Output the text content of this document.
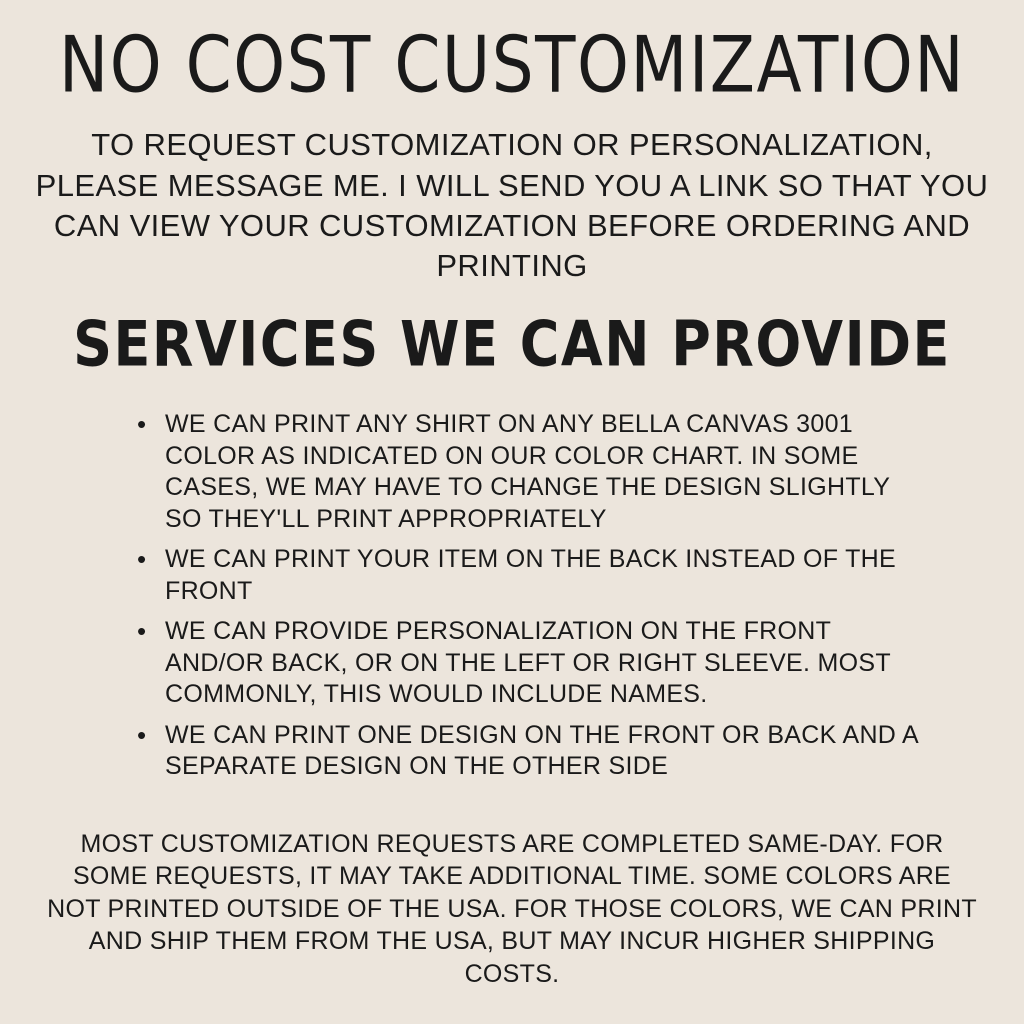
NO COST CUSTOMIZATION

TO REQUEST CUSTOMIZATION OR PERSONALIZATION, PLEASE MESSAGE ME. I WILL SEND YOU A LINK SO THAT YOU CAN VIEW YOUR CUSTOMIZATION BEFORE ORDERING AND PRINTING

SERVICES WE CAN PROVIDE
• WE CAN PRINT ANY SHIRT ON ANY BELLA CANVAS 3001 COLOR AS INDICATED ON OUR COLOR CHART. IN SOME CASES, WE MAY HAVE TO CHANGE THE DESIGN SLIGHTLY SO THEY'LL PRINT APPROPRIATELY
• WE CAN PRINT YOUR ITEM ON THE BACK INSTEAD OF THE FRONT
• WE CAN PROVIDE PERSONALIZATION ON THE FRONT AND/OR BACK, OR ON THE LEFT OR RIGHT SLEEVE. MOST COMMONLY, THIS WOULD INCLUDE NAMES.
• WE CAN PRINT ONE DESIGN ON THE FRONT OR BACK AND A SEPARATE DESIGN ON THE OTHER SIDE

MOST CUSTOMIZATION REQUESTS ARE COMPLETED SAME-DAY. FOR SOME REQUESTS, IT MAY TAKE ADDITIONAL TIME. SOME COLORS ARE NOT PRINTED OUTSIDE OF THE USA. FOR THOSE COLORS, WE CAN PRINT AND SHIP THEM FROM THE USA, BUT MAY INCUR HIGHER SHIPPING COSTS.
